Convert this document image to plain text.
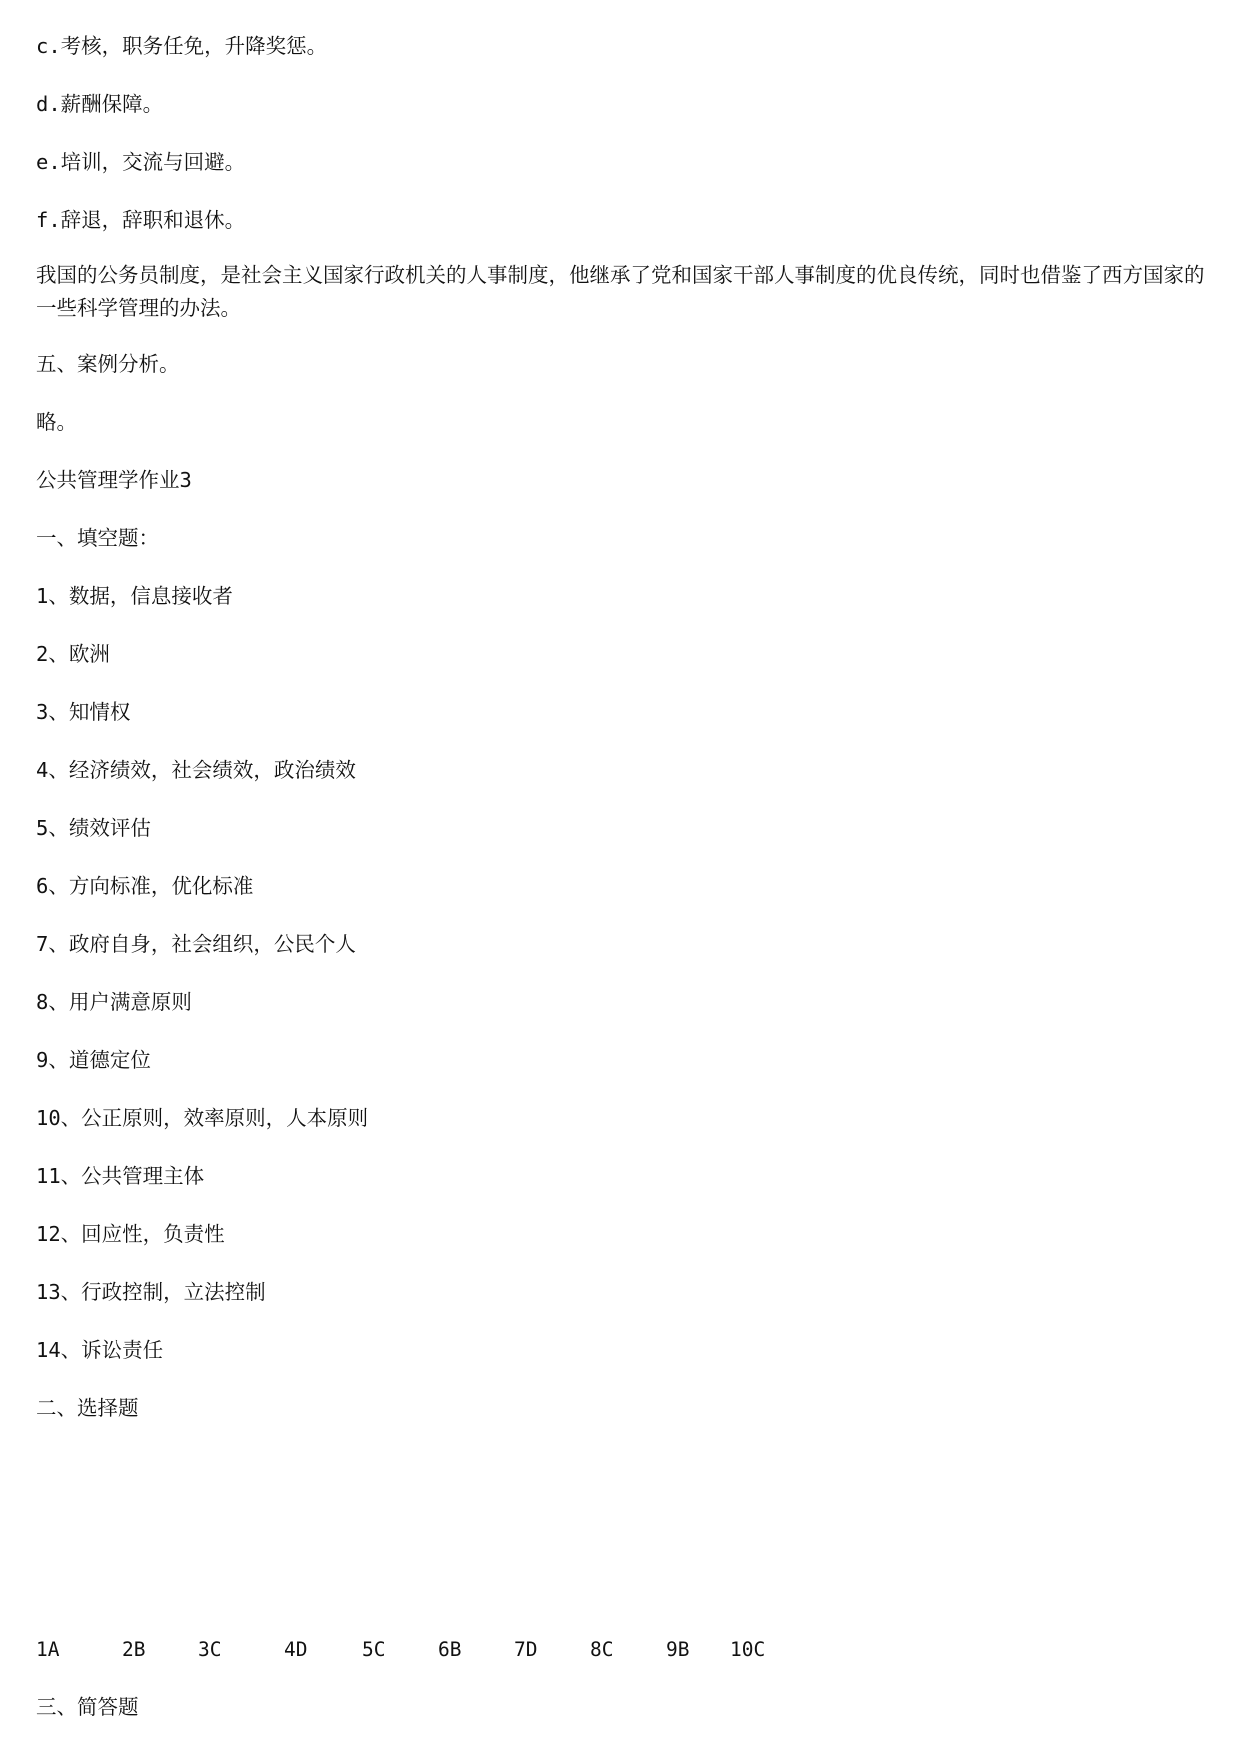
c.考核，职务任免，升降奖惩。
d.薪酬保障。
e.培训，交流与回避。
f.辞退，辞职和退休。
我国的公务员制度，是社会主义国家行政机关的人事制度，他继承了党和国家干部人事制度的优良传统，同时也借鉴了西方国家的一些科学管理的办法。
五、案例分析。
略。
公共管理学作业3
一、填空题：
1、数据，信息接收者
2、欧洲
3、知情权
4、经济绩效，社会绩效，政治绩效
5、绩效评估
6、方向标准，优化标准
7、政府自身，社会组织，公民个人
8、用户满意原则
9、道德定位
10、公正原则，效率原则，人本原则
11、公共管理主体
12、回应性，负责性
13、行政控制，立法控制
14、诉讼责任
二、选择题
1A	2B	3C	4D	5C	6B	7D	8C	9B 10C
三、简答题
